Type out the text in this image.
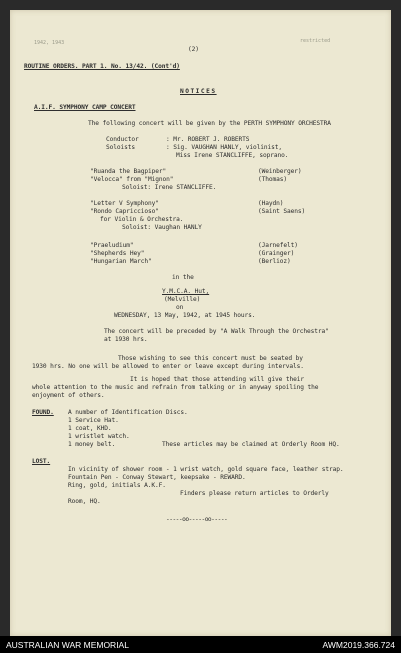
1942, 1943	restricted
(2)
ROUTINE ORDERS. PART 1. No. 13/42. (Cont'd)
NOTICES
A.I.F. SYMPHONY CAMP CONCERT
The following concert will be given by the PERTH SYMPHONY ORCHESTRA
Conductor	: Mr. ROBERT J. ROBERTS
Soloists	: Sig. VAUGHAN HANLY, violinist,
Miss Irene STANCLIFFE, soprano.
"Ruanda the Bagpiper"	(Weinberger)
"Velocca" from "Mignon"	(Thomas)
Soloist: Irene STANCLIFFE.
"Letter V Symphony"	(Haydn)
"Rondo Capriccioso"	(Saint Saens)
for Violin & Orchestra.
Soloist: Vaughan HANLY
"Praeludium"	(Jarnefelt)
"Shepherds Hey"	(Grainger)
"Hungarian March"	(Berlioz)
in the
Y.M.C.A. Hut,
(Melville)
on
WEDNESDAY, 13 May, 1942, at 1945 hours.
The concert will be preceded by "A Walk Through the Orchestra"
at 1930 hrs.
Those wishing to see this concert must be seated by
1930 hrs. No one will be allowed to enter or leave except during intervals.
It is hoped that those attending will give their
whole attention to the music and refrain from talking or in anyway spoiling the
enjoyment of others.
FOUND. A number of Identification Discs.
1 Service Hat.
1 coat, KHD.
1 wristlet watch.
1 money belt.	These articles may be claimed at Orderly Room HQ.
LOST.
In vicinity of shower room - 1 wrist watch, gold square face, leather strap.
Fountain Pen - Conway Stewart, keepsake - REWARD.
Ring, gold, initials A.K.F.
Finders please return articles to Orderly
Room, HQ.
-----oo-----oo-----
AUSTRALIAN WAR MEMORIAL	AWM2019.366.724
